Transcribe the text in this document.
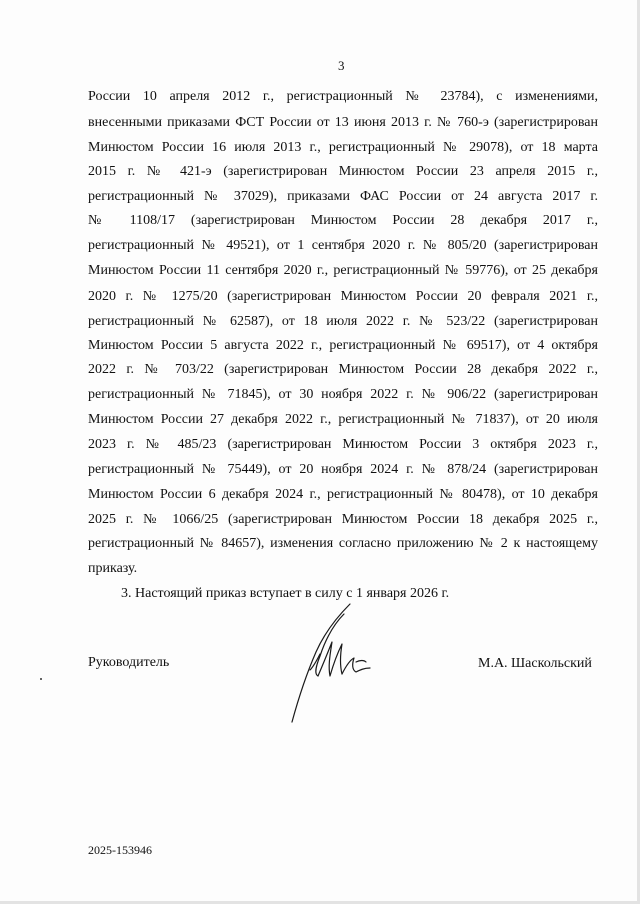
3
России 10 апреля 2012 г., регистрационный № 23784), с изменениями,
внесенными приказами ФСТ России от 13 июня 2013 г. № 760-э (зарегистрирован
Минюстом России 16 июля 2013 г., регистрационный № 29078), от 18 марта
2015 г. № 421-э (зарегистрирован Минюстом России 23 апреля 2015 г.,
регистрационный № 37029), приказами ФАС России от 24 августа 2017 г.
№ 1108/17 (зарегистрирован Минюстом России 28 декабря 2017 г.,
регистрационный № 49521), от 1 сентября 2020 г. № 805/20 (зарегистрирован
Минюстом России 11 сентября 2020 г., регистрационный № 59776), от 25 декабря
2020 г. № 1275/20 (зарегистрирован Минюстом России 20 февраля 2021 г.,
регистрационный № 62587), от 18 июля 2022 г. № 523/22 (зарегистрирован
Минюстом России 5 августа 2022 г., регистрационный № 69517), от 4 октября
2022 г. № 703/22 (зарегистрирован Минюстом России 28 декабря 2022 г.,
регистрационный № 71845), от 30 ноября 2022 г. № 906/22 (зарегистрирован
Минюстом России 27 декабря 2022 г., регистрационный № 71837), от 20 июля
2023 г. № 485/23 (зарегистрирован Минюстом России 3 октября 2023 г.,
регистрационный № 75449), от 20 ноября 2024 г. № 878/24 (зарегистрирован
Минюстом России 6 декабря 2024 г., регистрационный № 80478), от 10 декабря
2025 г. № 1066/25 (зарегистрирован Минюстом России 18 декабря 2025 г.,
регистрационный № 84657), изменения согласно приложению № 2 к настоящему
приказу.
3. Настоящий приказ вступает в силу с 1 января 2026 г.
Руководитель	М.А. Шаскольский
2025-153946
